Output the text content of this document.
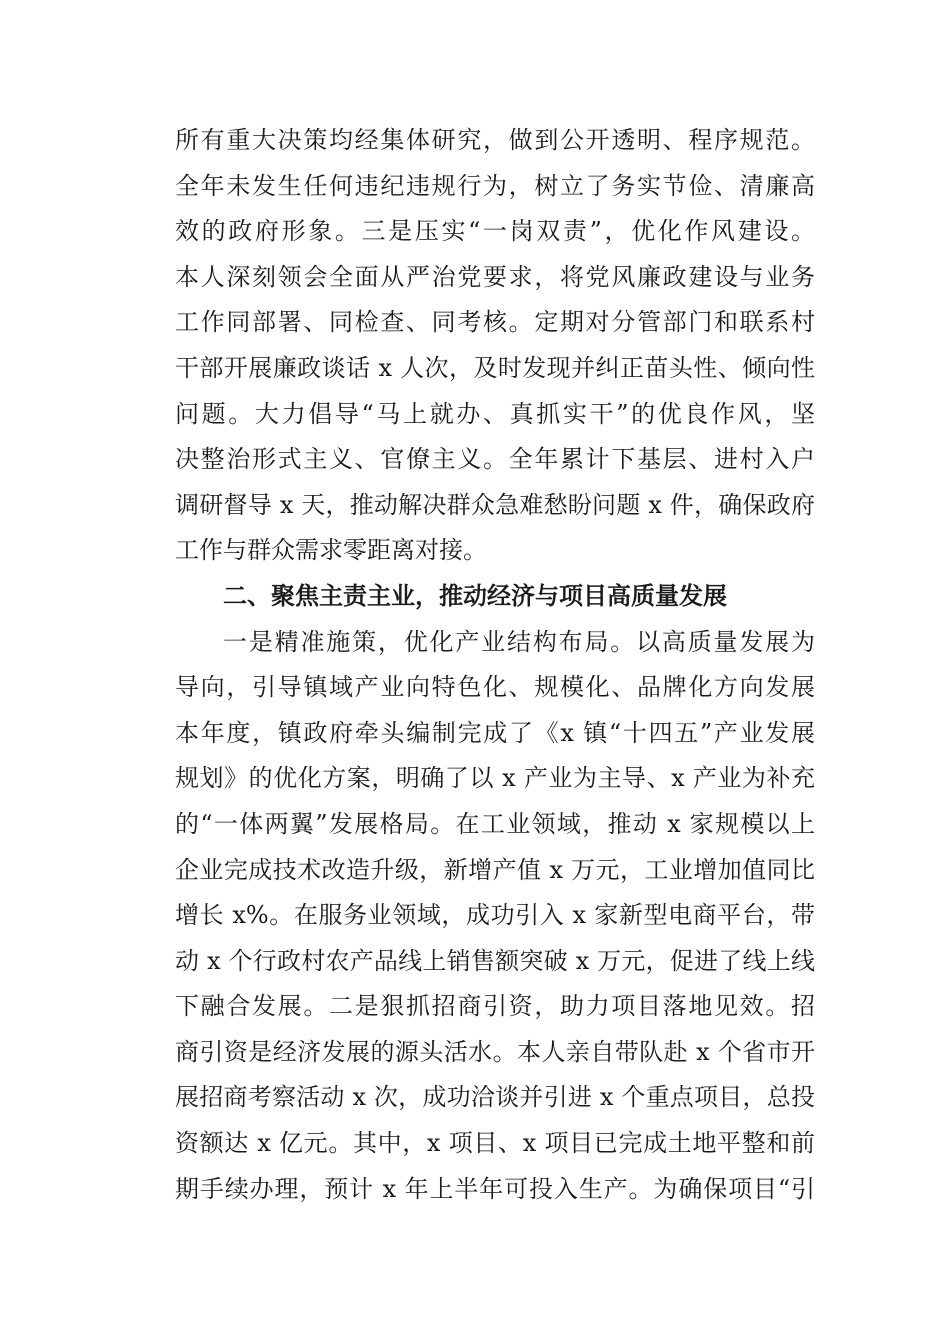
所有重大决策均经集体研究，做到公开透明、程序规范。
全年未发生任何违纪违规行为，树立了务实节俭、清廉高
效的政府形象。三是压实“一岗双责”，优化作风建设。
本人深刻领会全面从严治党要求，将党风廉政建设与业务
工作同部署、同检查、同考核。定期对分管部门和联系村
干部开展廉政谈话 x 人次，及时发现并纠正苗头性、倾向性
问题。大力倡导“马上就办、真抓实干”的优良作风，坚
决整治形式主义、官僚主义。全年累计下基层、进村入户
调研督导 x 天，推动解决群众急难愁盼问题 x 件，确保政府
工作与群众需求零距离对接。
二、聚焦主责主业，推动经济与项目高质量发展
一是精准施策，优化产业结构布局。以高质量发展为
导向，引导镇域产业向特色化、规模化、品牌化方向发展
本年度，镇政府牵头编制完成了《x 镇“十四五”产业发展
规划》的优化方案，明确了以 x 产业为主导、x 产业为补充
的“一体两翼”发展格局。在工业领域，推动 x 家规模以上
企业完成技术改造升级，新增产值 x 万元，工业增加值同比
增长 x%。在服务业领域，成功引入 x 家新型电商平台，带
动 x 个行政村农产品线上销售额突破 x 万元，促进了线上线
下融合发展。二是狠抓招商引资，助力项目落地见效。招
商引资是经济发展的源头活水。本人亲自带队赴 x 个省市开
展招商考察活动 x 次，成功洽谈并引进 x 个重点项目，总投
资额达 x 亿元。其中，x 项目、x 项目已完成土地平整和前
期手续办理，预计 x 年上半年可投入生产。为确保项目“引
